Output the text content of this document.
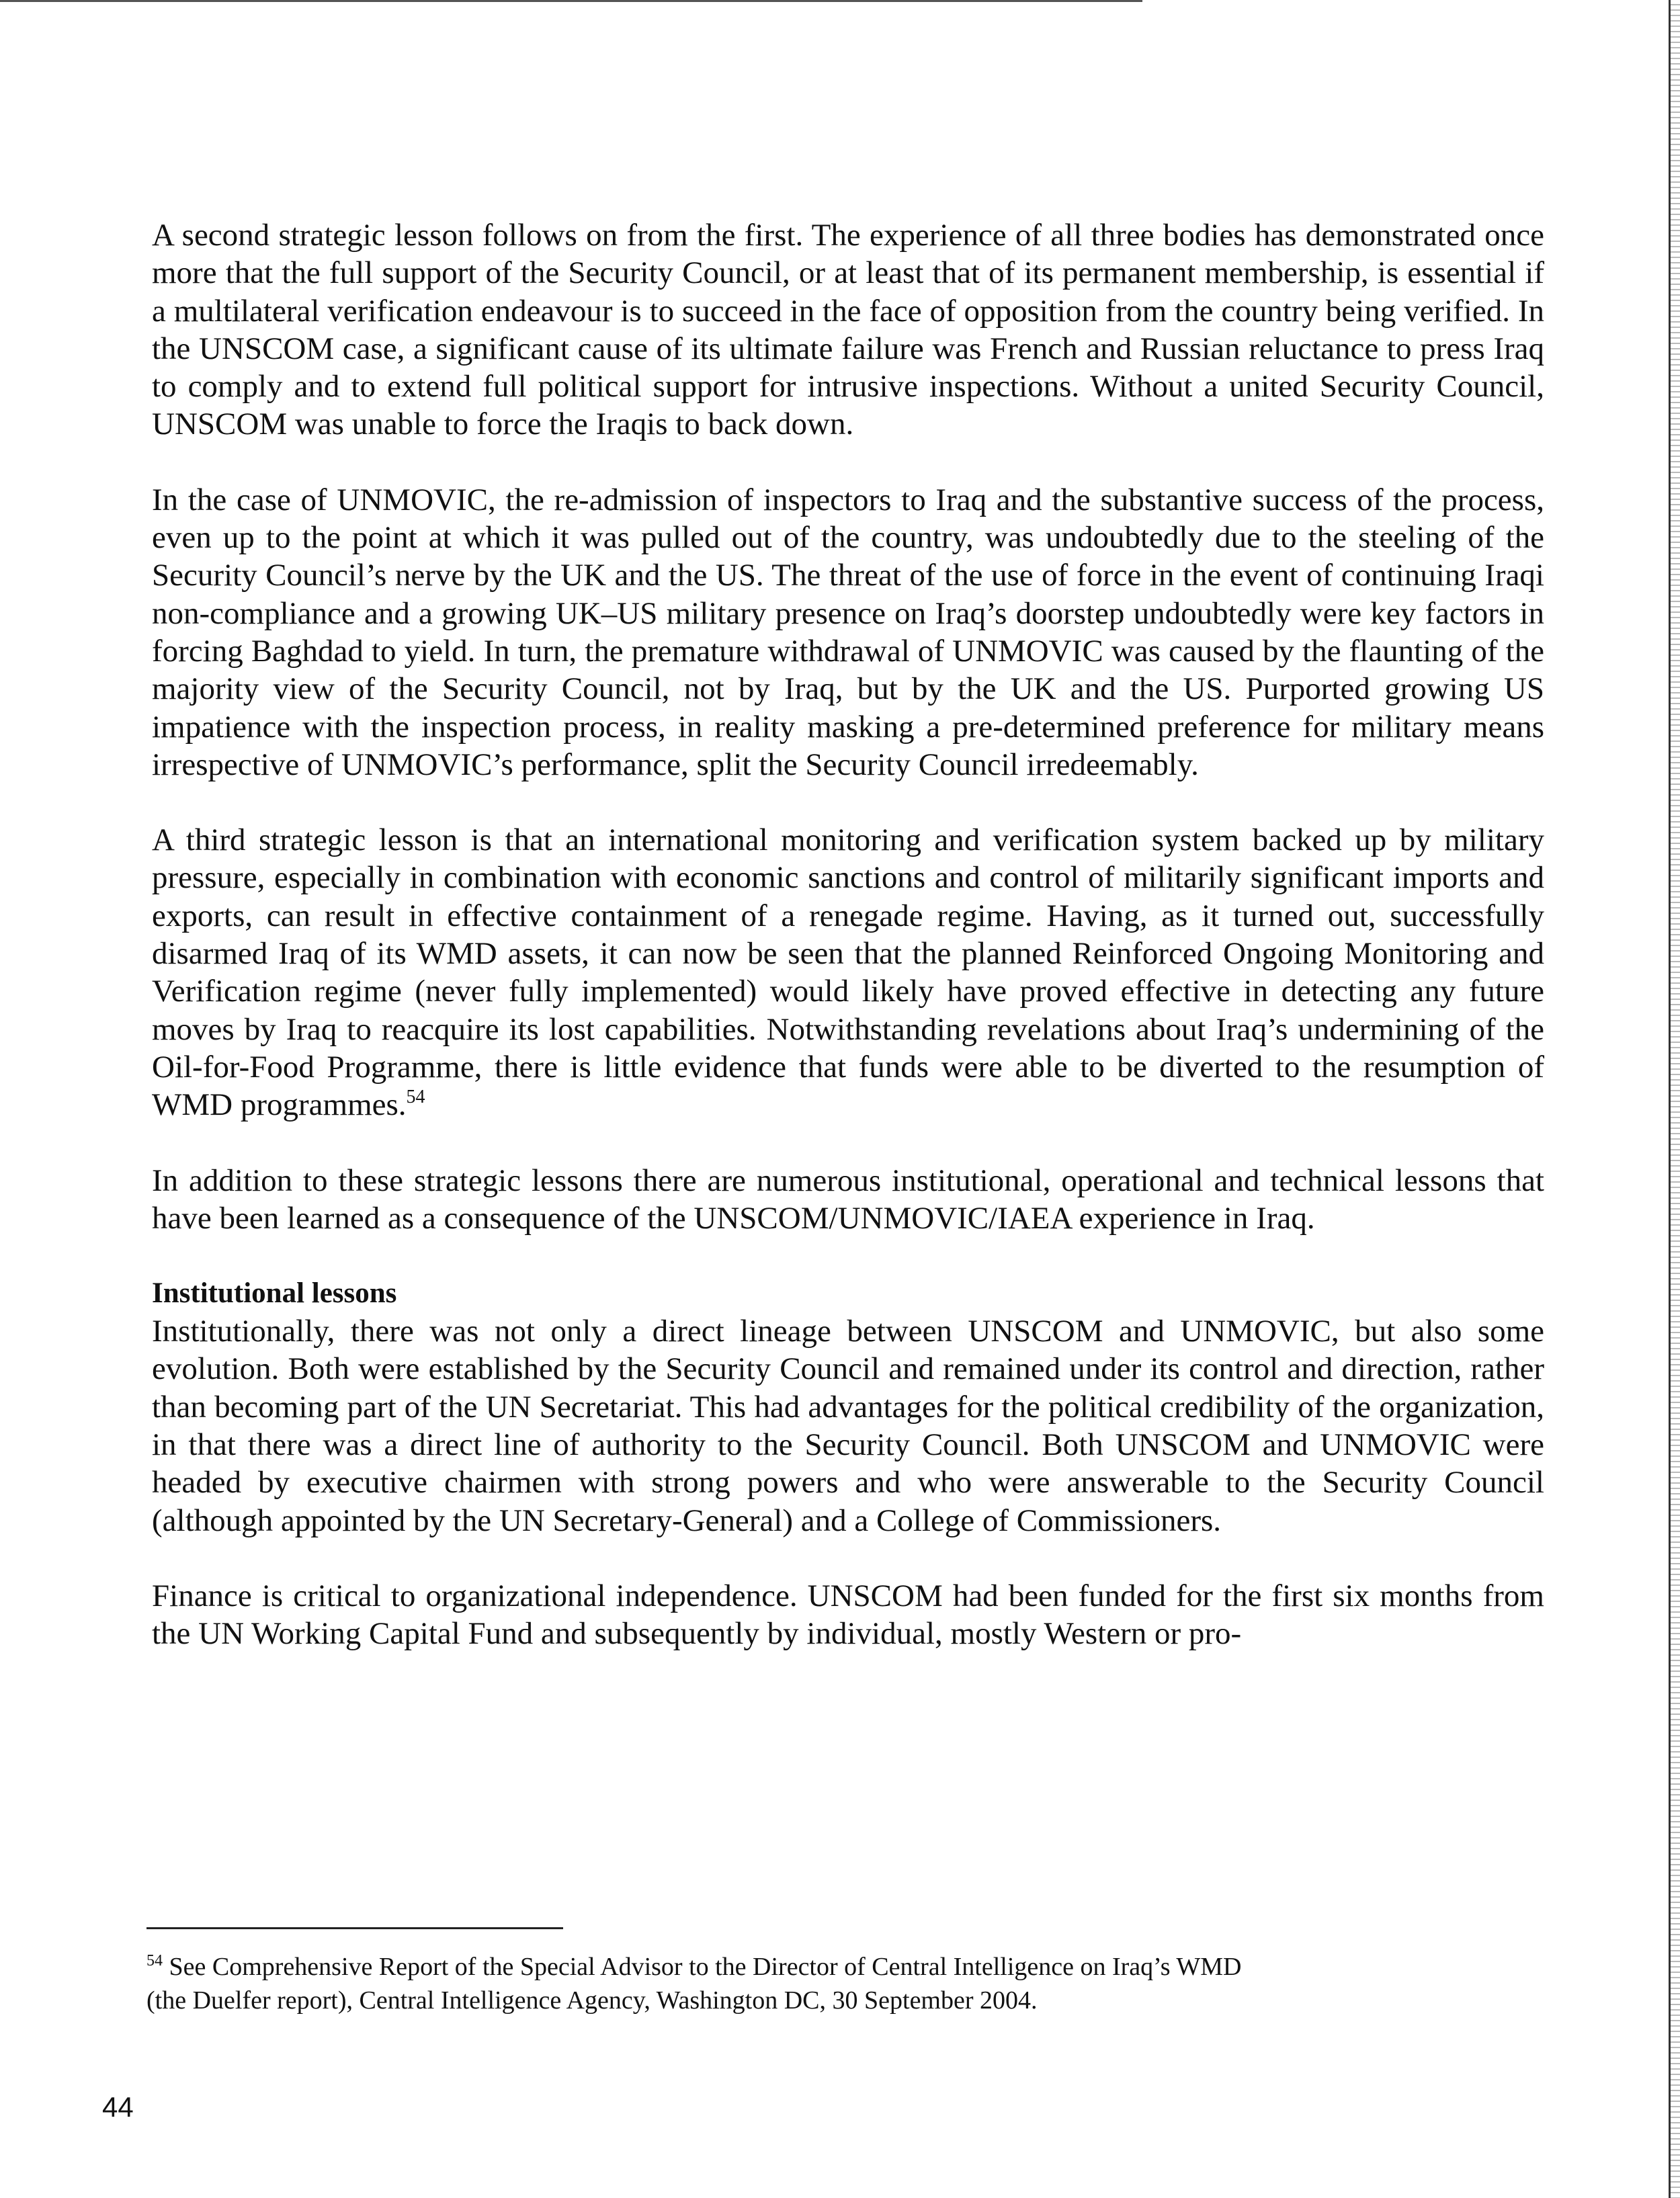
A second strategic lesson follows on from the first. The experience of all three bodies has demonstrated once more that the full support of the Security Council, or at least that of its permanent membership, is essential if a multilateral verification endeavour is to succeed in the face of opposition from the country being verified. In the UNSCOM case, a significant cause of its ultimate failure was French and Russian reluctance to press Iraq to comply and to extend full political support for intrusive inspections. Without a united Security Council, UNSCOM was unable to force the Iraqis to back down.

In the case of UNMOVIC, the re-admission of inspectors to Iraq and the substantive success of the process, even up to the point at which it was pulled out of the country, was undoubtedly due to the steeling of the Security Council’s nerve by the UK and the US. The threat of the use of force in the event of continuing Iraqi non-compliance and a growing UK–US military presence on Iraq’s doorstep undoubtedly were key factors in forcing Baghdad to yield. In turn, the premature withdrawal of UNMOVIC was caused by the flaunting of the majority view of the Security Council, not by Iraq, but by the UK and the US. Purported growing US impatience with the inspection process, in reality masking a pre-determined preference for military means irrespective of UNMOVIC’s performance, split the Security Council irredeemably.

A third strategic lesson is that an international monitoring and verification system backed up by military pressure, especially in combination with economic sanctions and control of militarily significant imports and exports, can result in effective containment of a renegade regime. Having, as it turned out, successfully disarmed Iraq of its WMD assets, it can now be seen that the planned Reinforced Ongoing Monitoring and Verification regime (never fully implemented) would likely have proved effective in detecting any future moves by Iraq to reacquire its lost capabilities. Notwithstanding revelations about Iraq’s undermining of the Oil-for-Food Programme, there is little evidence that funds were able to be diverted to the resumption of WMD programmes.$^{54}$

In addition to these strategic lessons there are numerous institutional, operational and technical lessons that have been learned as a consequence of the UNSCOM/UNMOVIC/IAEA experience in Iraq.

Institutional lessons

Institutionally, there was not only a direct lineage between UNSCOM and UNMOVIC, but also some evolution. Both were established by the Security Council and remained under its control and direction, rather than becoming part of the UN Secretariat. This had advantages for the political credibility of the organization, in that there was a direct line of authority to the Security Council. Both UNSCOM and UNMOVIC were headed by executive chairmen with strong powers and who were answerable to the Security Council (although appointed by the UN Secretary-General) and a College of Commissioners.

Finance is critical to organizational independence. UNSCOM had been funded for the first six months from the UN Working Capital Fund and subsequently by individual, mostly Western or pro-

$^{54}$ See Comprehensive Report of the Special Advisor to the Director of Central Intelligence on Iraq’s WMD
(the Duelfer report), Central Intelligence Agency, Washington DC, 30 September 2004.
44
